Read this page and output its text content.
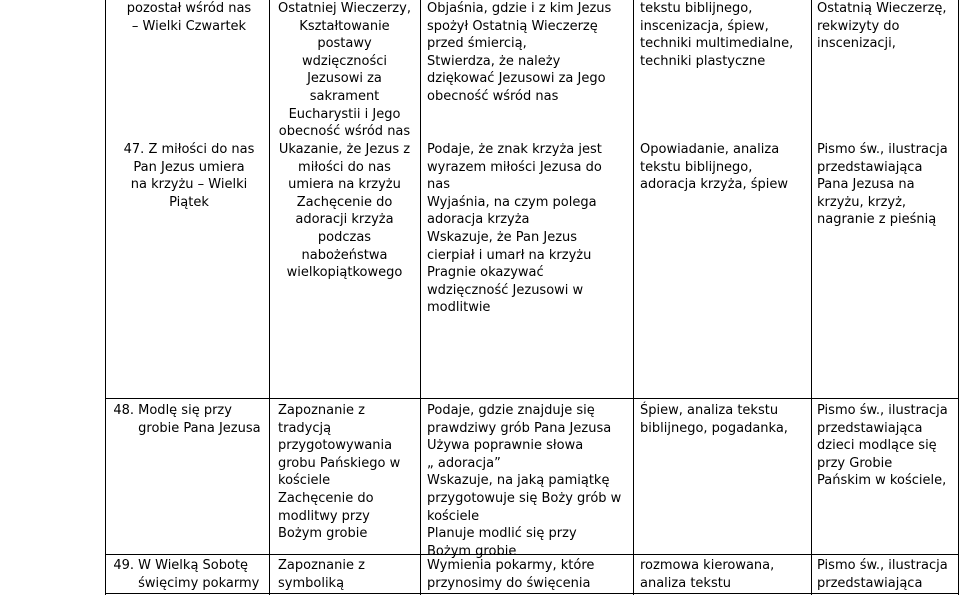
pozostał wśród nas
– Wielki Czwartek
Ostatniej Wieczerzy,
Kształtowanie
postawy
wdzięczności
Jezusowi za
sakrament
Eucharystii i Jego
obecność wśród nas
Objaśnia, gdzie i z kim Jezus
spożył Ostatnią Wieczerzę
przed śmiercią,
Stwierdza, że należy
dziękować Jezusowi za Jego
obecność wśród nas
tekstu biblijnego,
inscenizacja, śpiew,
techniki multimedialne,
techniki plastyczne
Ostatnią Wieczerzę,
rekwizyty do
inscenizacji,
47. Z miłości do nas
Pan Jezus umiera
na krzyżu – Wielki
Piątek
Ukazanie, że Jezus z
miłości do nas
umiera na krzyżu
Zachęcenie do
adoracji krzyża
podczas
nabożeństwa
wielkopiątkowego
Podaje, że znak krzyża jest
wyrazem miłości Jezusa do
nas
Wyjaśnia, na czym polega
adoracja krzyża
Wskazuje, że Pan Jezus
cierpiał i umarł na krzyżu
Pragnie okazywać
wdzięczność Jezusowi w
modlitwie
Opowiadanie, analiza
tekstu biblijnego,
adoracja krzyża, śpiew
Pismo św., ilustracja
przedstawiająca
Pana Jezusa na
krzyżu, krzyż,
nagranie z pieśnią
48. Modlę się przy
grobie Pana Jezusa
Zapoznanie z
tradycją
przygotowywania
grobu Pańskiego w
kościele
Zachęcenie do
modlitwy przy
Bożym grobie
Podaje, gdzie znajduje się
prawdziwy grób Pana Jezusa
Używa poprawnie słowa
„ adoracja”
Wskazuje, na jaką pamiątkę
przygotowuje się Boży grób w
kościele
Planuje modlić się przy
Bożym grobie
Śpiew, analiza tekstu
biblijnego, pogadanka,
Pismo św., ilustracja
przedstawiająca
dzieci modlące się
przy Grobie
Pańskim w kościele,
49. W Wielką Sobotę
święcimy pokarmy
Zapoznanie z
symboliką
Wymienia pokarmy, które
przynosimy do święcenia
rozmowa kierowana,
analiza tekstu
Pismo św., ilustracja
przedstawiająca
